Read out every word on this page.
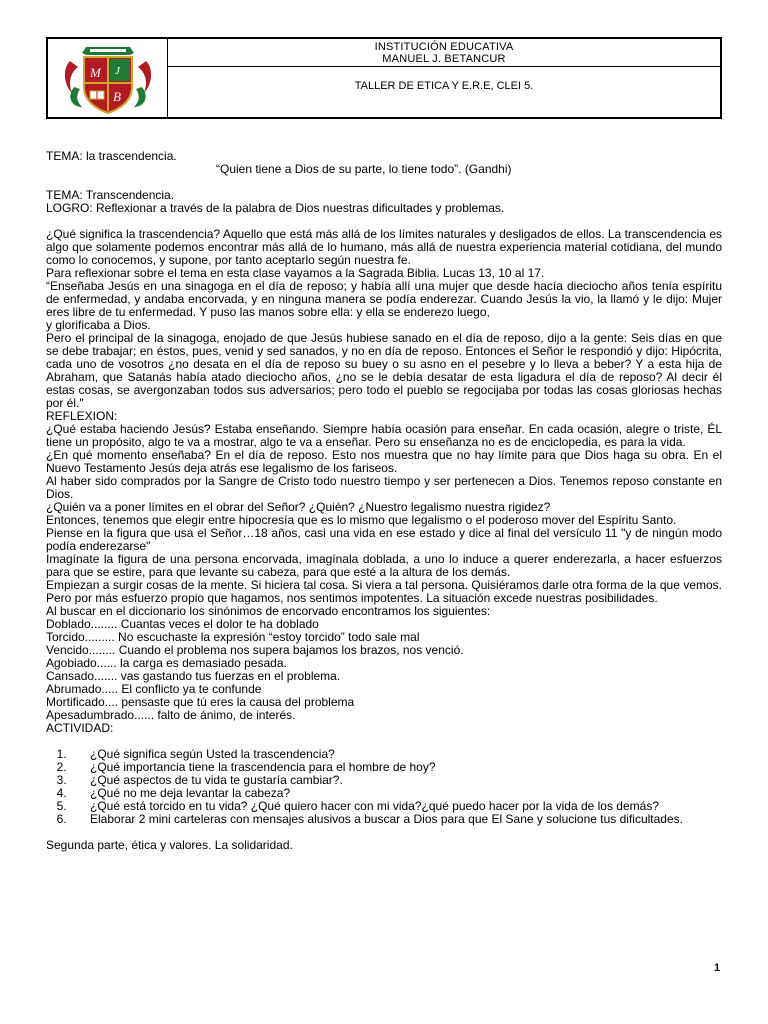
M J
B
INSTITUCIÓN EDUCATIVA
MANUEL J. BETANCUR
TALLER DE ETICA Y E.R.E, CLEI 5.

TEMA: la trascendencia.

“Quien tiene a Dios de su parte, lo tiene todo”. (Gandhi)

TEMA: Transcendencia.

LOGRO: Reflexionar a través de la palabra de Dios nuestras dificultades y problemas.

¿Qué significa la trascendencia? Aquello que está más allá de los límites naturales y desligados de ellos. La transcendencia es algo que solamente podemos encontrar más allá de lo humano, más allá de nuestra experiencia material cotidiana, del mundo como lo conocemos, y supone, por tanto aceptarlo según nuestra fe.

Para reflexionar sobre el tema en esta clase vayamos a la Sagrada Biblia. Lucas 13, 10 al 17.

“Enseñaba Jesús en una sinagoga en el día de reposo; y había allí una mujer que desde hacía dieciocho años tenía espíritu de enfermedad, y andaba encorvada, y en ninguna manera se podía enderezar. Cuando Jesús la vio, la llamó y le dijo: Mujer eres libre de tu enfermedad. Y puso las manos sobre ella: y ella se enderezo luego,

y glorificaba a Dios.

Pero el principal de la sinagoga, enojado de que Jesús hubiese sanado en el día de reposo, dijo a la gente: Seis días en que se debe trabajar; en éstos, pues, venid y sed sanados, y no en día de reposo. Entonces el Señor le respondió y dijo: Hipócrita, cada uno de vosotros ¿no desata en el día de reposo su buey o su asno en el pesebre y lo lleva a beber? Y a esta hija de Abraham, que Satanás había atado dieciocho años, ¿no se le debía desatar de esta ligadura el día de reposo? Al decir él estas cosas, se avergonzaban todos sus adversarios; pero todo el pueblo se regocijaba por todas las cosas gloriosas hechas por él."

REFLEXION:

¿Qué estaba haciendo Jesús? Estaba enseñando. Siempre había ocasión para enseñar. En cada ocasión, alegre o triste, ÉL tiene un propósito, algo te va a mostrar, algo te va a enseñar. Pero su enseñanza no es de enciclopedia, es para la vida.

¿En qué momento enseñaba? En el día de reposo. Esto nos muestra que no hay límite para que Dios haga su obra. En el Nuevo Testamento Jesús deja atrás ese legalismo de los fariseos.

Al haber sido comprados por la Sangre de Cristo todo nuestro tiempo y ser pertenecen a Dios. Tenemos reposo constante en Dios.

¿Quién va a poner límites en el obrar del Señor? ¿Quién? ¿Nuestro legalismo nuestra rigidez?

Entonces, tenemos que elegir entre hipocresía que es lo mismo que legalismo o el poderoso mover del Espíritu Santo.

Piense en la figura que usa el Señor…18 años, casi una vida en ese estado y dice al final del versículo 11 "y de ningún modo podía enderezarse"

Imagínate la figura de una persona encorvada, imagínala doblada, a uno lo induce a querer enderezarla, a hacer esfuerzos para que se estire, para que levante su cabeza, para que esté a la altura de los demás.

Empiezan a surgir cosas de la mente. Si hiciera tal cosa. Si viera a tal persona. Quisiéramos darle otra forma de la que vemos. Pero por más esfuerzo propio que hagamos, nos sentimos impotentes. La situación excede nuestras posibilidades.

Al buscar en el diccionario los sinónimos de encorvado encontramos los siguientes:

Doblado........ Cuantas veces el dolor te ha doblado

Torcido......... No escuchaste la expresión “estoy torcido” todo sale mal

Vencido........ Cuando el problema nos supera bajamos los brazos, nos venció.

Agobiado...... la carga es demasiado pesada.

Cansado....... vas gastando tus fuerzas en el problema.

Abrumado..... El conflicto ya te confunde

Mortificado.... pensaste que tú eres la causa del problema

Apesadumbrado...... falto de ánimo, de interés.

ACTIVIDAD:

1. ¿Qué significa según Usted la trascendencia?
2. ¿Qué importancia tiene la trascendencia para el hombre de hoy?
3. ¿Qué aspectos de tu vida te gustaría cambiar?.
4. ¿Qué no me deja levantar la cabeza?
5. ¿Qué está torcido en tu vida? ¿Qué quiero hacer con mi vida?¿qué puedo hacer por la vida de los demás?
6. Elaborar 2 mini carteleras con mensajes alusivos a buscar a Dios para que El Sane y solucione tus dificultades.

Segunda parte, ética y valores. La solidaridad.

1
